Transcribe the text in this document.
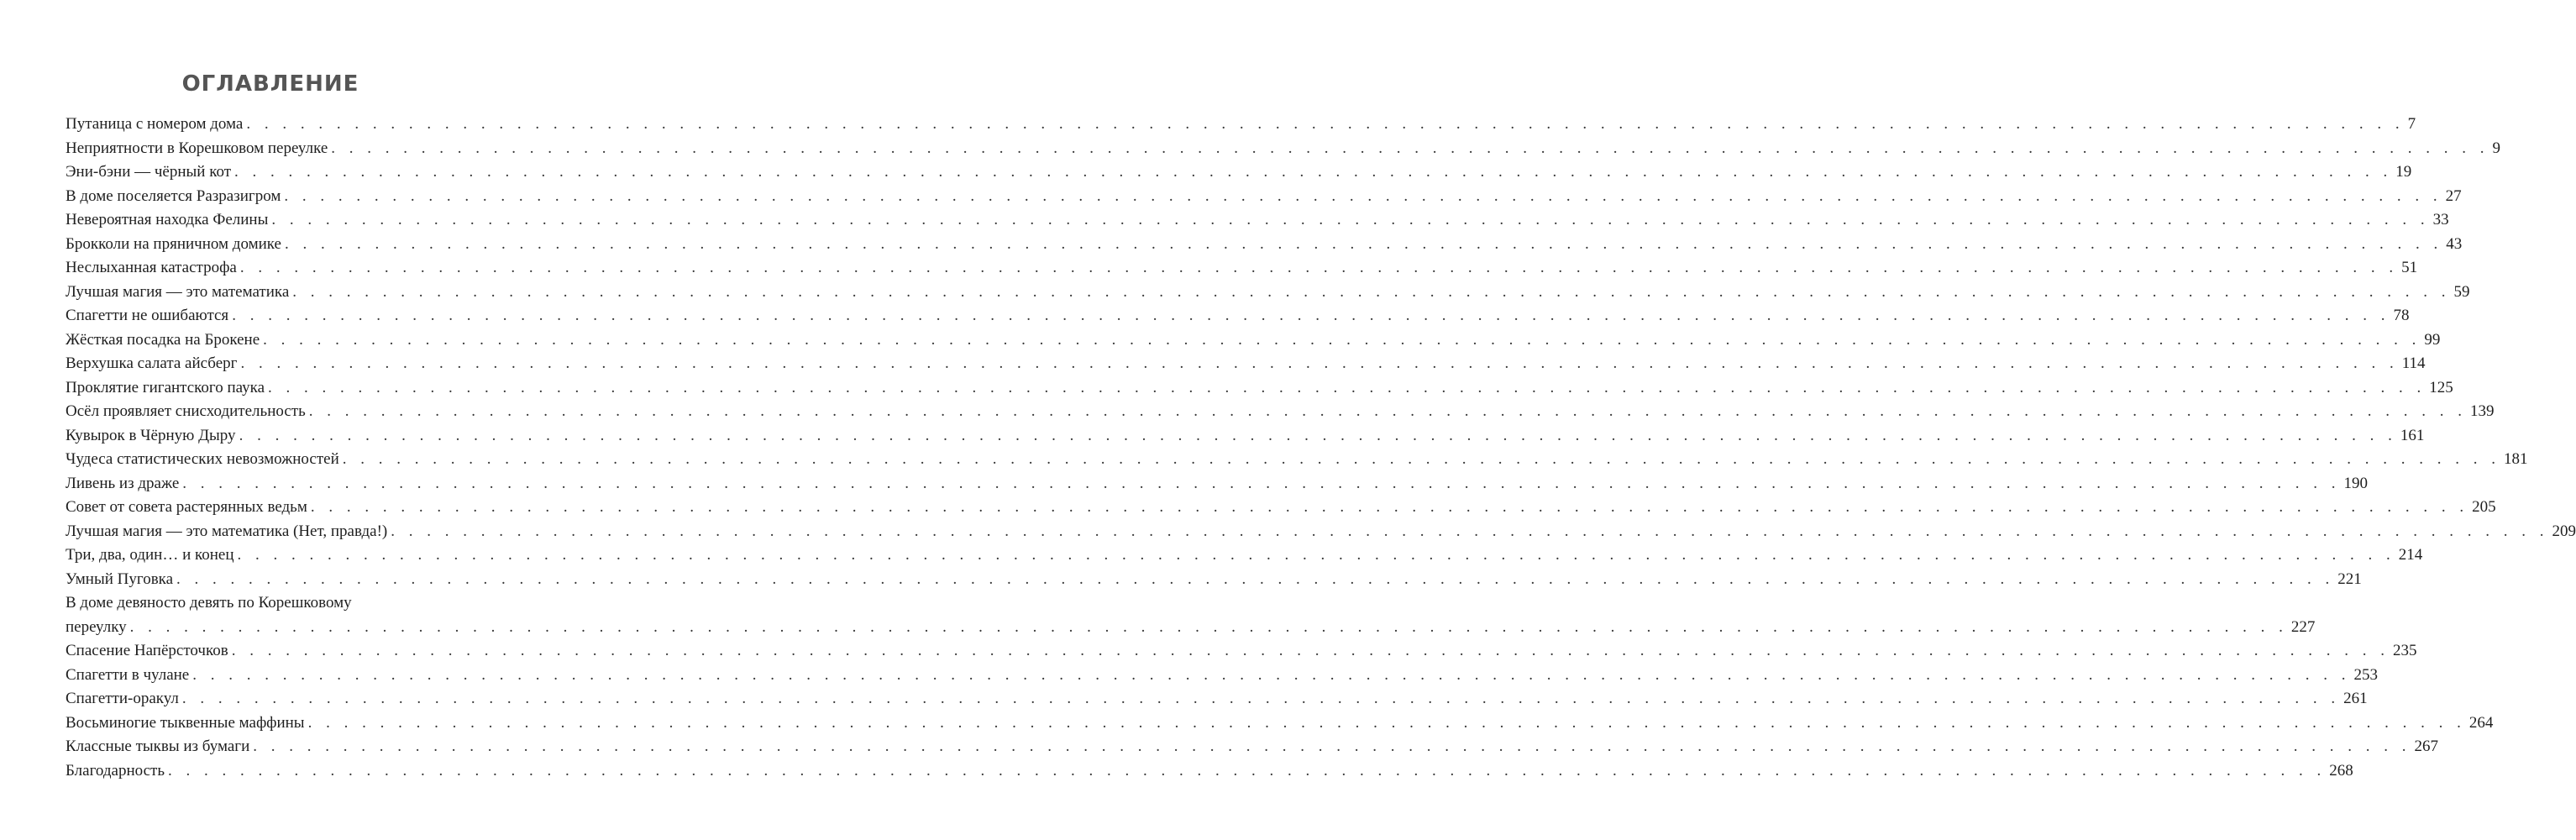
ОГЛАВЛЕНИЕ
Путаница с номером дома . . . . . . . . . . . . . . . . . . . . . . . . . . . . . . . . . . . . . . . . . . . . . . . . . . . . . . . . . . . . . . . . . . . . . . . . . . . . . . . . . . . . . . . . . . . . . . . . . . . . . . . . . . . . . . . . . . . . . . . . 7
Неприятности в Корешковом переулке . . . . . . . . . . . . . . . . . . . . . . . . . . . . . . . . . . . . . . . . . . . . . . . . . . . . . . . . . . . . . . . . . . . . . . . . . . . . . . . . . . . . . . . . . . . . . . . . . . . . . . . . . . . . . . . . . . . . . . . . 9
Эни-бэни — чёрный кот . . . . . . . . . . . . . . . . . . . . . . . . . . . . . . . . . . . . . . . . . . . . . . . . . . . . . . . . . . . . . . . . . . . . . . . . . . . . . . . . . . . . . . . . . . . . . . . . . . . . . . . . . . . . . . . . . . . . . . . . 19
В доме поселяется Разразигром . . . . . . . . . . . . . . . . . . . . . . . . . . . . . . . . . . . . . . . . . . . . . . . . . . . . . . . . . . . . . . . . . . . . . . . . . . . . . . . . . . . . . . . . . . . . . . . . . . . . . . . . . . . . . . . . . . . . . . . . 27
Невероятная находка Фелины . . . . . . . . . . . . . . . . . . . . . . . . . . . . . . . . . . . . . . . . . . . . . . . . . . . . . . . . . . . . . . . . . . . . . . . . . . . . . . . . . . . . . . . . . . . . . . . . . . . . . . . . . . . . . . . . . . . . . . . . 33
Брокколи на пряничном домике . . . . . . . . . . . . . . . . . . . . . . . . . . . . . . . . . . . . . . . . . . . . . . . . . . . . . . . . . . . . . . . . . . . . . . . . . . . . . . . . . . . . . . . . . . . . . . . . . . . . . . . . . . . . . . . . . . . . . . . . 43
Неслыханная катастрофа . . . . . . . . . . . . . . . . . . . . . . . . . . . . . . . . . . . . . . . . . . . . . . . . . . . . . . . . . . . . . . . . . . . . . . . . . . . . . . . . . . . . . . . . . . . . . . . . . . . . . . . . . . . . . . . . . . . . . . . . 51
Лучшая магия — это математика . . . . . . . . . . . . . . . . . . . . . . . . . . . . . . . . . . . . . . . . . . . . . . . . . . . . . . . . . . . . . . . . . . . . . . . . . . . . . . . . . . . . . . . . . . . . . . . . . . . . . . . . . . . . . . . . . . . . . . . . 59
Спагетти не ошибаются . . . . . . . . . . . . . . . . . . . . . . . . . . . . . . . . . . . . . . . . . . . . . . . . . . . . . . . . . . . . . . . . . . . . . . . . . . . . . . . . . . . . . . . . . . . . . . . . . . . . . . . . . . . . . . . . . . . . . . . . 78
Жёсткая посадка на Брокене . . . . . . . . . . . . . . . . . . . . . . . . . . . . . . . . . . . . . . . . . . . . . . . . . . . . . . . . . . . . . . . . . . . . . . . . . . . . . . . . . . . . . . . . . . . . . . . . . . . . . . . . . . . . . . . . . . . . . . . . 99
Верхушка салата айсберг . . . . . . . . . . . . . . . . . . . . . . . . . . . . . . . . . . . . . . . . . . . . . . . . . . . . . . . . . . . . . . . . . . . . . . . . . . . . . . . . . . . . . . . . . . . . . . . . . . . . . . . . . . . . . . . . . . . . . . . . 114
Проклятие гигантского паука . . . . . . . . . . . . . . . . . . . . . . . . . . . . . . . . . . . . . . . . . . . . . . . . . . . . . . . . . . . . . . . . . . . . . . . . . . . . . . . . . . . . . . . . . . . . . . . . . . . . . . . . . . . . . . . . . . . . . . . . 125
Осёл проявляет снисходительность . . . . . . . . . . . . . . . . . . . . . . . . . . . . . . . . . . . . . . . . . . . . . . . . . . . . . . . . . . . . . . . . . . . . . . . . . . . . . . . . . . . . . . . . . . . . . . . . . . . . . . . . . . . . . . . . . . . . . . . . 139
Кувырок в Чёрную Дыру . . . . . . . . . . . . . . . . . . . . . . . . . . . . . . . . . . . . . . . . . . . . . . . . . . . . . . . . . . . . . . . . . . . . . . . . . . . . . . . . . . . . . . . . . . . . . . . . . . . . . . . . . . . . . . . . . . . . . . . . 161
Чудеса статистических невозможностей . . . . . . . . . . . . . . . . . . . . . . . . . . . . . . . . . . . . . . . . . . . . . . . . . . . . . . . . . . . . . . . . . . . . . . . . . . . . . . . . . . . . . . . . . . . . . . . . . . . . . . . . . . . . . . . . . . . . . . . . 181
Ливень из драже . . . . . . . . . . . . . . . . . . . . . . . . . . . . . . . . . . . . . . . . . . . . . . . . . . . . . . . . . . . . . . . . . . . . . . . . . . . . . . . . . . . . . . . . . . . . . . . . . . . . . . . . . . . . . . . . . . . . . . . . 190
Совет от совета растерянных ведьм . . . . . . . . . . . . . . . . . . . . . . . . . . . . . . . . . . . . . . . . . . . . . . . . . . . . . . . . . . . . . . . . . . . . . . . . . . . . . . . . . . . . . . . . . . . . . . . . . . . . . . . . . . . . . . . . . . . . . . . . 205
Лучшая магия — это математика (Нет, правда!) . . . . . . . . . . . . . . . . . . . . . . . . . . . . . . . . . . . . . . . . . . . . . . . . . . . . . . . . . . . . . . . . . . . . . . . . . . . . . . . . . . . . . . . . . . . . . . . . . . . . . . . . . . . . . . . . . . . . . . . . 209
Три, два, один… и конец . . . . . . . . . . . . . . . . . . . . . . . . . . . . . . . . . . . . . . . . . . . . . . . . . . . . . . . . . . . . . . . . . . . . . . . . . . . . . . . . . . . . . . . . . . . . . . . . . . . . . . . . . . . . . . . . . . . . . . . . 214
Умный Пуговка . . . . . . . . . . . . . . . . . . . . . . . . . . . . . . . . . . . . . . . . . . . . . . . . . . . . . . . . . . . . . . . . . . . . . . . . . . . . . . . . . . . . . . . . . . . . . . . . . . . . . . . . . . . . . . . . . . . . . . . . 221
В доме девяносто девять по Корешковому
переулку . . . . . . . . . . . . . . . . . . . . . . . . . . . . . . . . . . . . . . . . . . . . . . . . . . . . . . . . . . . . . . . . . . . . . . . . . . . . . . . . . . . . . . . . . . . . . . . . . . . . . . . . . . . . . . . . . . . . . . . . 227
Спасение Напёрсточков . . . . . . . . . . . . . . . . . . . . . . . . . . . . . . . . . . . . . . . . . . . . . . . . . . . . . . . . . . . . . . . . . . . . . . . . . . . . . . . . . . . . . . . . . . . . . . . . . . . . . . . . . . . . . . . . . . . . . . . . 235
Спагетти в чулане . . . . . . . . . . . . . . . . . . . . . . . . . . . . . . . . . . . . . . . . . . . . . . . . . . . . . . . . . . . . . . . . . . . . . . . . . . . . . . . . . . . . . . . . . . . . . . . . . . . . . . . . . . . . . . . . . . . . . . . . 253
Спагетти-оракул . . . . . . . . . . . . . . . . . . . . . . . . . . . . . . . . . . . . . . . . . . . . . . . . . . . . . . . . . . . . . . . . . . . . . . . . . . . . . . . . . . . . . . . . . . . . . . . . . . . . . . . . . . . . . . . . . . . . . . . . 261
Восьминогие тыквенные маффины . . . . . . . . . . . . . . . . . . . . . . . . . . . . . . . . . . . . . . . . . . . . . . . . . . . . . . . . . . . . . . . . . . . . . . . . . . . . . . . . . . . . . . . . . . . . . . . . . . . . . . . . . . . . . . . . . . . . . . . . 264
Классные тыквы из бумаги . . . . . . . . . . . . . . . . . . . . . . . . . . . . . . . . . . . . . . . . . . . . . . . . . . . . . . . . . . . . . . . . . . . . . . . . . . . . . . . . . . . . . . . . . . . . . . . . . . . . . . . . . . . . . . . . . . . . . . . . 267
Благодарность . . . . . . . . . . . . . . . . . . . . . . . . . . . . . . . . . . . . . . . . . . . . . . . . . . . . . . . . . . . . . . . . . . . . . . . . . . . . . . . . . . . . . . . . . . . . . . . . . . . . . . . . . . . . . . . . . . . . . . . . 268
